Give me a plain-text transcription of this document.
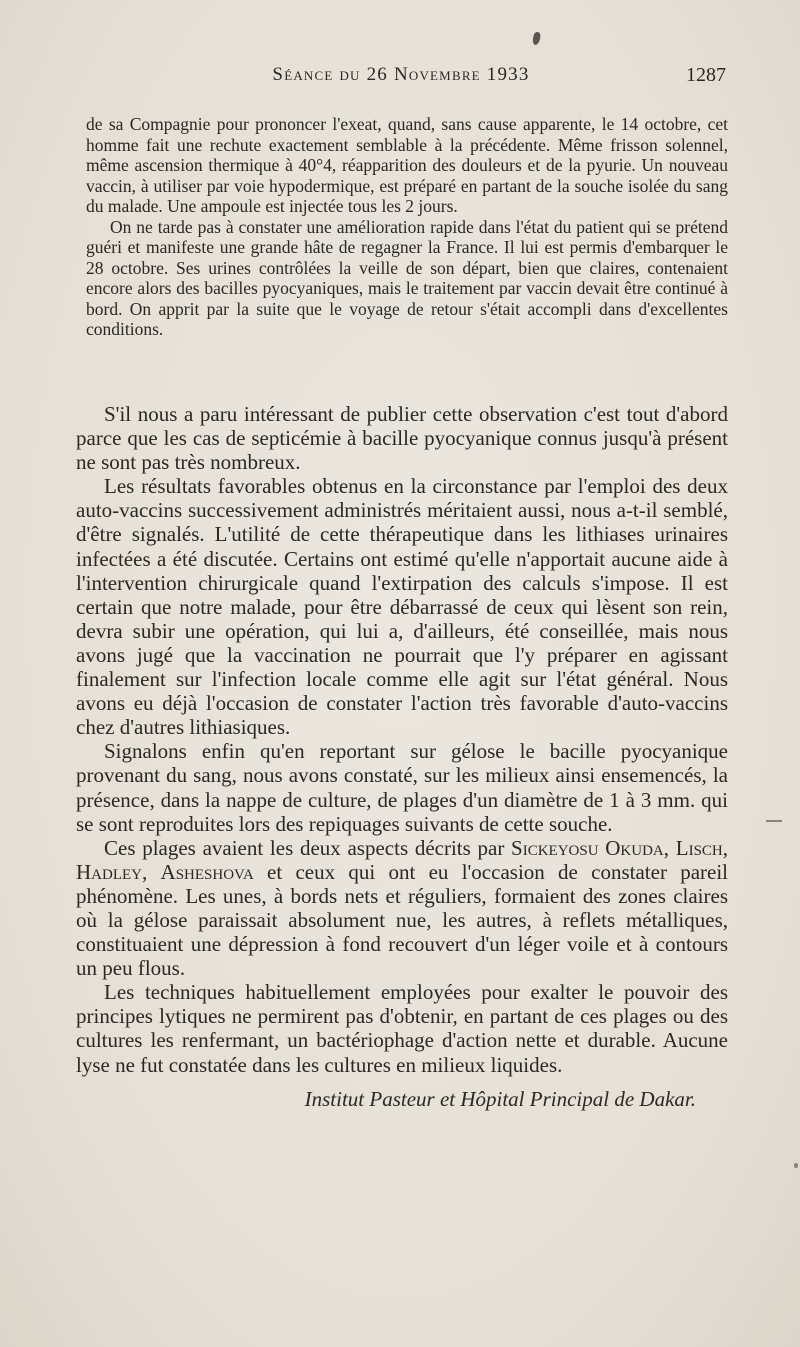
Séance du 26 Novembre 1933	1287

de sa Compagnie pour prononcer l'exeat, quand, sans cause apparente, le 14 octobre, cet homme fait une rechute exactement semblable à la précédente. Même frisson solennel, même ascension thermique à 40°4, réapparition des douleurs et de la pyurie. Un nouveau vaccin, à utiliser par voie hypodermique, est préparé en partant de la souche isolée du sang du malade. Une ampoule est injectée tous les 2 jours.

On ne tarde pas à constater une amélioration rapide dans l'état du patient qui se prétend guéri et manifeste une grande hâte de regagner la France. Il lui est permis d'embarquer le 28 octobre. Ses urines contrôlées la veille de son départ, bien que claires, contenaient encore alors des bacilles pyocyaniques, mais le traitement par vaccin devait être continué à bord. On apprit par la suite que le voyage de retour s'était accompli dans d'excellentes conditions.

S'il nous a paru intéressant de publier cette observation c'est tout d'abord parce que les cas de septicémie à bacille pyocyanique connus jusqu'à présent ne sont pas très nombreux.

Les résultats favorables obtenus en la circonstance par l'emploi des deux auto-vaccins successivement administrés méritaient aussi, nous a-t-il semblé, d'être signalés. L'utilité de cette thérapeutique dans les lithiases urinaires infectées a été discutée. Certains ont estimé qu'elle n'apportait aucune aide à l'intervention chirurgicale quand l'extirpation des calculs s'impose. Il est certain que notre malade, pour être débarrassé de ceux qui lèsent son rein, devra subir une opération, qui lui a, d'ailleurs, été conseillée, mais nous avons jugé que la vaccination ne pourrait que l'y préparer en agissant finalement sur l'infection locale comme elle agit sur l'état général. Nous avons eu déjà l'occasion de constater l'action très favorable d'auto-vaccins chez d'autres lithiasiques.

Signalons enfin qu'en reportant sur gélose le bacille pyocyanique provenant du sang, nous avons constaté, sur les milieux ainsi ensemencés, la présence, dans la nappe de culture, de plages d'un diamètre de 1 à 3 mm. qui se sont reproduites lors des repiquages suivants de cette souche.

Ces plages avaient les deux aspects décrits par Sickeyosu Okuda, Lisch, Hadley, Asheshova et ceux qui ont eu l'occasion de constater pareil phénomène. Les unes, à bords nets et réguliers, formaient des zones claires où la gélose paraissait absolument nue, les autres, à reflets métalliques, constituaient une dépression à fond recouvert d'un léger voile et à contours un peu flous.

Les techniques habituellement employées pour exalter le pouvoir des principes lytiques ne permirent pas d'obtenir, en partant de ces plages ou des cultures les renfermant, un bactériophage d'action nette et durable. Aucune lyse ne fut constatée dans les cultures en milieux liquides.

Institut Pasteur et Hôpital Principal de Dakar.
